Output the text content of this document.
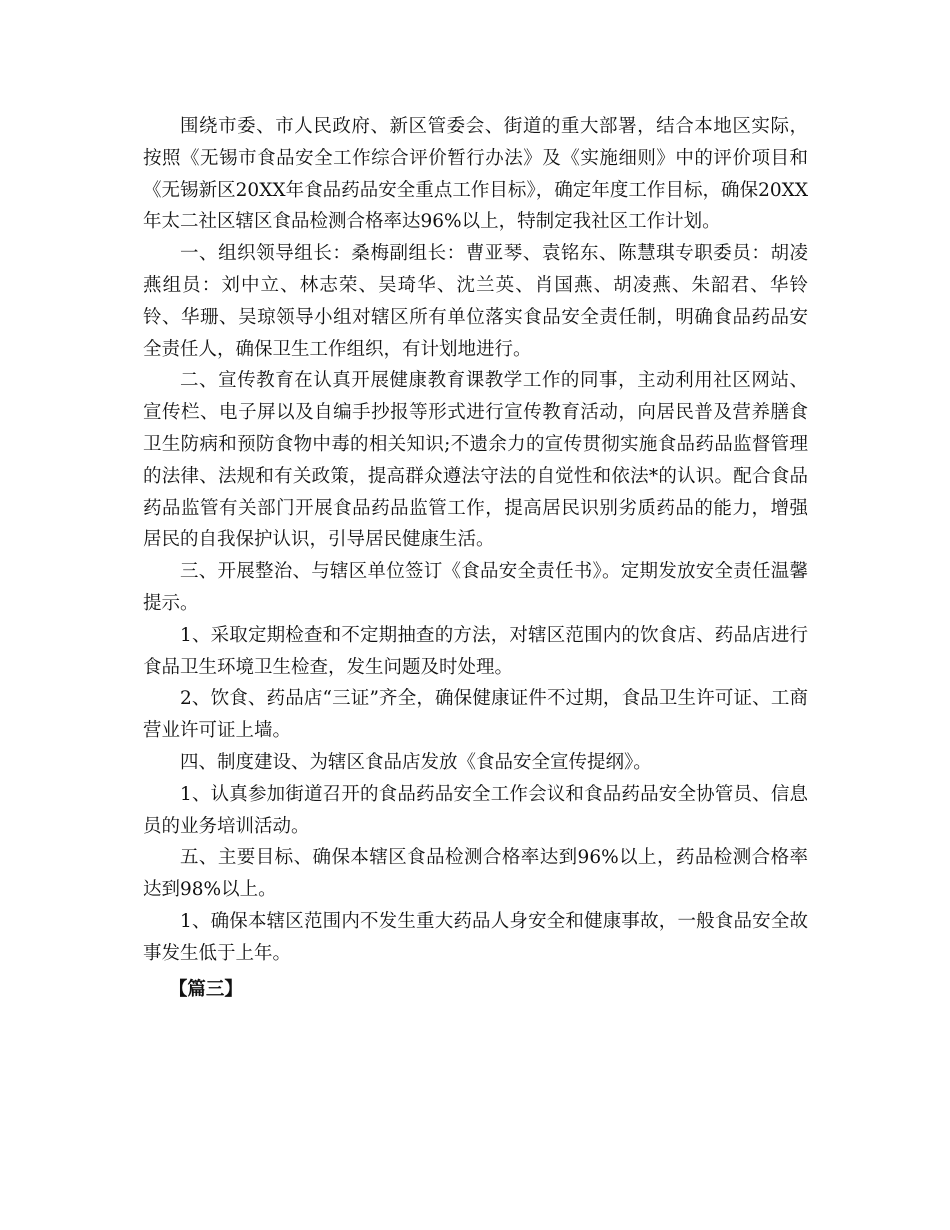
围绕市委、市人民政府、新区管委会、街道的重大部署，结合本地区实际，按照《无锡市食品安全工作综合评价暂行办法》及《实施细则》中的评价项目和《无锡新区20XX年食品药品安全重点工作目标》，确定年度工作目标，确保20XX年太二社区辖区食品检测合格率达96%以上，特制定我社区工作计划。

一、组织领导组长：桑梅副组长：曹亚琴、袁铭东、陈慧琪专职委员：胡凌燕组员：刘中立、林志荣、吴琦华、沈兰英、肖国燕、胡凌燕、朱韶君、华铃铃、华珊、吴琼领导小组对辖区所有单位落实食品安全责任制，明确食品药品安全责任人，确保卫生工作组织，有计划地进行。

二、宣传教育在认真开展健康教育课教学工作的同事，主动利用社区网站、宣传栏、电子屏以及自编手抄报等形式进行宣传教育活动，向居民普及营养膳食卫生防病和预防食物中毒的相关知识;不遗余力的宣传贯彻实施食品药品监督管理的法律、法规和有关政策，提高群众遵法守法的自觉性和依法*的认识。配合食品药品监管有关部门开展食品药品监管工作，提高居民识别劣质药品的能力，增强居民的自我保护认识，引导居民健康生活。

三、开展整治、与辖区单位签订《食品安全责任书》。定期发放安全责任温馨提示。

1、采取定期检查和不定期抽查的方法，对辖区范围内的饮食店、药品店进行食品卫生环境卫生检查，发生问题及时处理。

2、饮食、药品店“三证”齐全，确保健康证件不过期，食品卫生许可证、工商营业许可证上墙。

四、制度建设、为辖区食品店发放《食品安全宣传提纲》。

1、认真参加街道召开的食品药品安全工作会议和食品药品安全协管员、信息员的业务培训活动。

五、主要目标、确保本辖区食品检测合格率达到96%以上，药品检测合格率达到98%以上。

1、确保本辖区范围内不发生重大药品人身安全和健康事故，一般食品安全故事发生低于上年。

【篇三】
